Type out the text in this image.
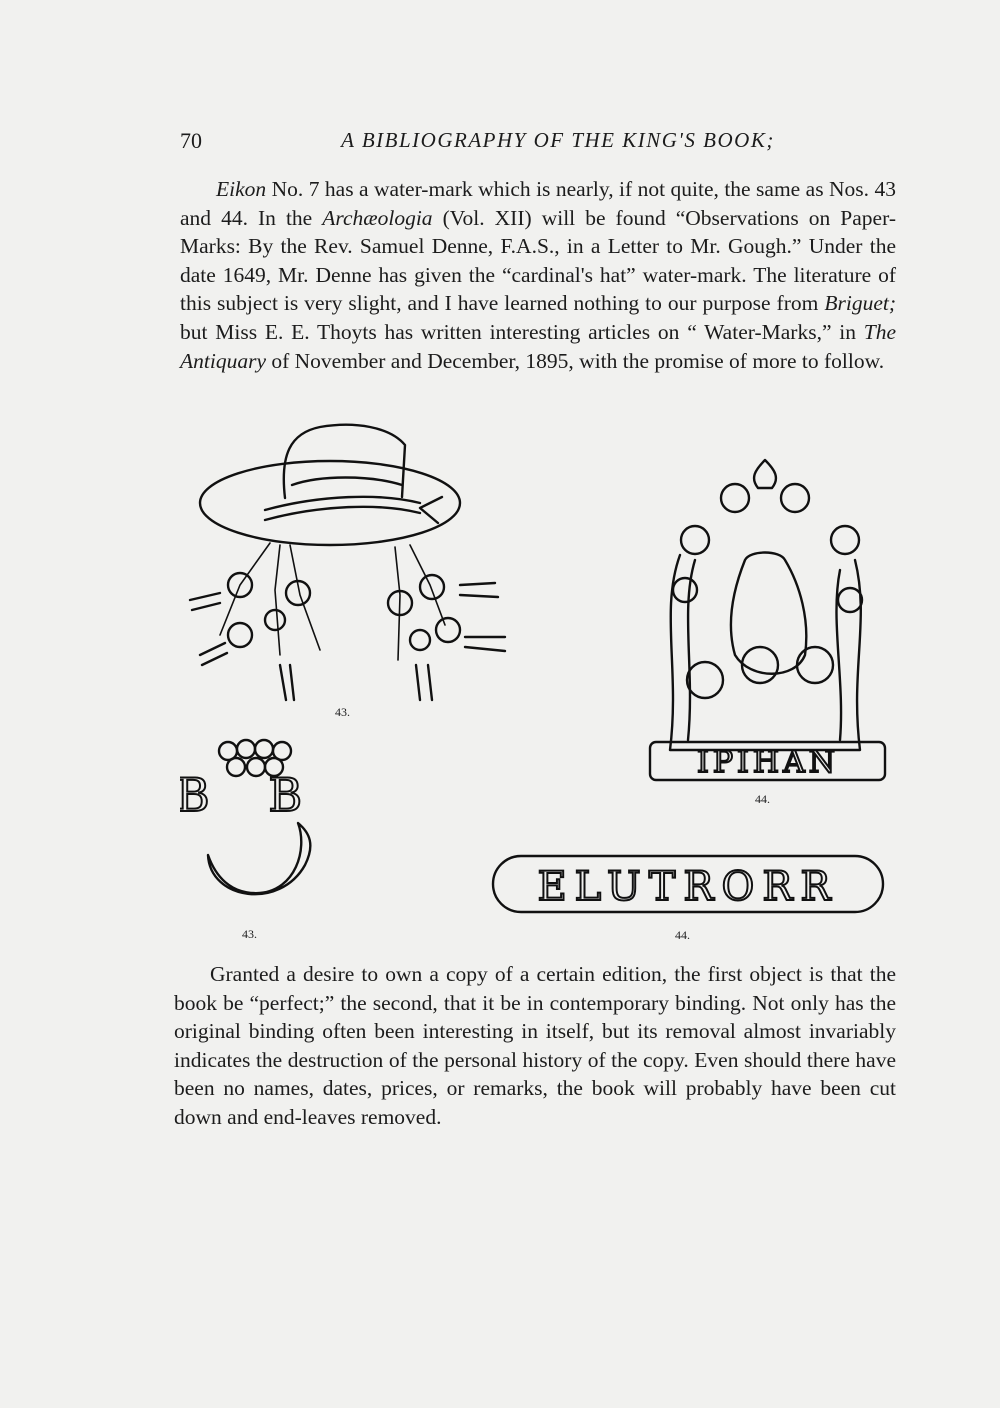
70	A BIBLIOGRAPHY OF THE KING'S BOOK;

Eikon No. 7 has a water-mark which is nearly, if not quite, the same as Nos. 43 and 44. In the Archæologia (Vol. XII) will be found “Observations on Paper-Marks: By the Rev. Samuel Denne, F.A.S., in a Letter to Mr. Gough.” Under the date 1649, Mr. Denne has given the “cardinal's hat” water-mark. The literature of this subject is very slight, and I have learned nothing to our purpose from Briguet; but Miss E. E. Thoyts has written interesting articles on “ Water-Marks,” in The Antiquary of November and December, 1895, with the promise of more to follow.

43.
IPIHAN
44.
B B
43.
ELUTRORR
44.

Granted a desire to own a copy of a certain edition, the first object is that the book be “perfect;” the second, that it be in contemporary binding. Not only has the original binding often been interesting in itself, but its removal almost invariably indicates the destruction of the personal history of the copy. Even should there have been no names, dates, prices, or remarks, the book will probably have been cut down and end-leaves removed.
